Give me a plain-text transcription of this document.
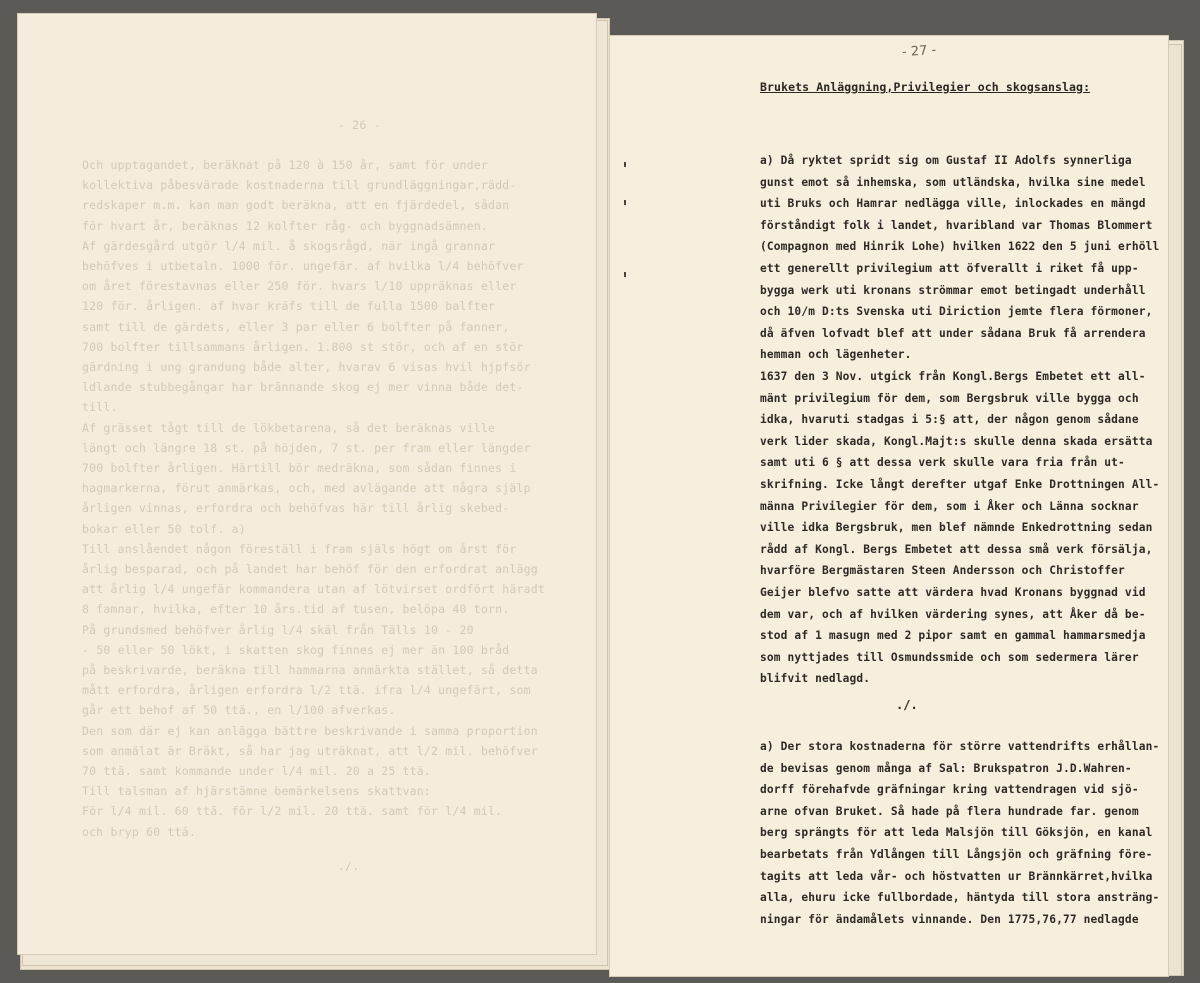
- 26 -
Och upptagandet, beräknat på 120 à 150 år, samt för under
kollektiva påbesvärade kostnaderna till grundläggningar,rädd-
redskaper m.m. kan man godt beräkna, att en fjärdedel, sådan
för hvart år, beräknas 12 kolfter råg- och byggnadsämnen.
Af gärdesgård utgör l/4 mil. å skogsrågd, när ingå grannar
behöfves i utbetaln. 1000 för. ungefär. af hvilka l/4 behöfver
om året förestavnas eller 250 för. hvars l/10 uppräknas eller
120 för. årligen. af hvar kräfs till de fulla 1500 balfter
samt till de gärdets, eller 3 par eller 6 bolfter på fanner,
700 bolfter tillsammans årligen. 1.800 st stör, och af en stör
gärdning i ung grandung både alter, hvarav 6 visas hvil hjpfsör
ldlande stubbegångar har brännande skog ej mer vinna både det-
till.
Af grässet tågt till de lökbetarena, så det beräknas ville
längt och längre 18 st. på höjden, 7 st. per fram eller längder
700 bolfter årligen. Härtill bör medräkna, som sådan finnes i
hagmarkerna, förut anmärkas, och, med avlägande att några själp
årligen vinnas, erfordra och behöfvas här till årlig skebed-
bokar eller 50 tolf. a)
Till anslåendet någon föreställ i fram själs högt om årst för
årlig besparad, och på landet har behöf för den erfordrat anlägg
att årlig l/4 ungefär kommandera utan af lötvirset ordfört häradt
8 famnar, hvilka, efter 10 års.tid af tusen, belöpa 40 torn.
På grundsmed behöfver årlig l/4 skäl från Tälls 10 - 20
- 50 eller 50 lökt, i skatten skog finnes ej mer än 100 bråd
på beskrivarde, beräkna till hammarna anmärkta stället, så detta
mått erfordra, årligen erfordra l/2 ttä. ifra l/4 ungefärt, som
går ett behof af 50 ttä., en l/100 afverkas.
Den som där ej kan anlägga bättre beskrivande i samma proportion
som anmälat är Bräkt, så har jag uträknat, att l/2 mil. behöfver
70 ttä. samt kommande under l/4 mil. 20 a 25 ttä.
Till talsman af hjärstämne bemärkelsens skattvan:
För l/4 mil. 60 ttä. för l/2 mil. 20 ttä. samt för l/4 mil.
och bryp 60 ttä.
./.
- 27 -
Brukets Anläggning,Privilegier och skogsanslag:
./.
a) Då ryktet spridt sig om Gustaf II Adolfs synnerliga
gunst emot så inhemska, som utländska, hvilka sine medel
uti Bruks och Hamrar nedlägga ville, inlockades en mängd
förståndigt folk i landet, hvaribland var Thomas Blommert
(Compagnon med Hinrik Lohe) hvilken 1622 den 5 juni erhöll
ett generellt privilegium att öfverallt i riket få upp-
bygga werk uti kronans strömmar emot betingadt underhåll
och 10/m D:ts Svenska uti Diriction jemte flera förmoner,
då äfven lofvadt blef att under sådana Bruk få arrendera
hemman och lägenheter.
1637 den 3 Nov. utgick från Kongl.Bergs Embetet ett all-
mänt privilegium för dem, som Bergsbruk ville bygga och
idka, hvaruti stadgas i 5:§ att, der någon genom sådane
verk lider skada, Kongl.Majt:s skulle denna skada ersätta
samt uti 6 § att dessa verk skulle vara fria från ut-
skrifning. Icke långt derefter utgaf Enke Drottningen All-
männa Privilegier för dem, som i Åker och Länna socknar
ville idka Bergsbruk, men blef nämnde Enkedrottning sedan
rådd af Kongl. Bergs Embetet att dessa små verk försälja,
hvarföre Bergmästaren Steen Andersson och Christoffer
Geijer blefvo satte att värdera hvad Kronans byggnad vid
dem var, och af hvilken värdering synes, att Åker då be-
stod af 1 masugn med 2 pipor samt en gammal hammarsmedja
som nyttjades till Osmundssmide och som sedermera lärer
blifvit nedlagd.
a) Der stora kostnaderna för större vattendrifts erhållan-
de bevisas genom många af Sal: Brukspatron J.D.Wahren-
dorff förehafvde gräfningar kring vattendragen vid sjö-
arne ofvan Bruket. Så hade på flera hundrade far. genom
berg sprängts för att leda Malsjön till Göksjön, en kanal
bearbetats från Ydlången till Långsjön och gräfning före-
tagits att leda vår- och höstvatten ur Brännkärret,hvilka
alla, ehuru icke fullbordade, häntyda till stora ansträng-
ningar för ändamålets vinnande. Den 1775,76,77 nedlagde
